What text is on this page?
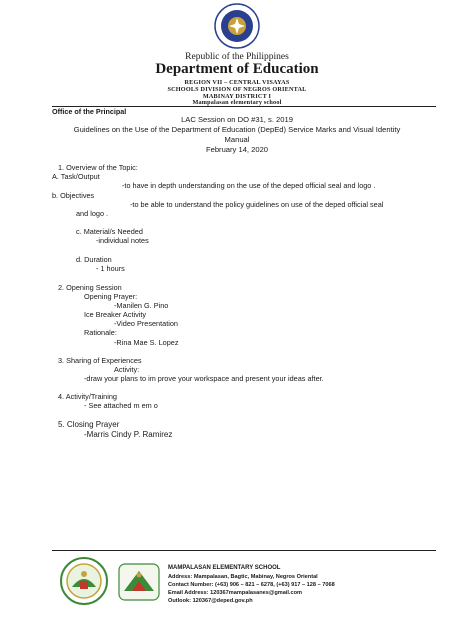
Republic of the Philippines
Department of Education
REGION VII – CENTRAL VISAYAS
SCHOOLS DIVISION OF NEGROS ORIENTAL
MABINAY DISTRICT I
Mampalasan elementary school
Office of the Principal
LAC Session on DO #31, s. 2019
Guidelines on the Use of the Department of Education (DepEd) Service Marks and Visual Identity
Manual
February 14, 2020
1. Overview of the Topic:
A. Task/Output
-to have in depth understanding on the use of the deped official seal and logo .
b. Objectives
-to be able to understand the policy guidelines on use of the deped official seal
and logo .
c. Material/s Needed
-individual notes
d. Duration
- 1 hours
2. Opening Session
Opening Prayer:
-Manilen G. Pino
Ice Breaker Activity
-Video Presentation
Rationale:
-Rina Mae S. Lopez
3. Sharing of Experiences
Activity:
-draw your plans to im prove your workspace and present your ideas after.
4. Activity/Training
- See attached m em o
5. Closing Prayer
-Marris Cindy P. Ramirez
MAMPALASAN ELEMENTARY SCHOOL
Address: Mampalasan, Bagtic, Mabinay, Negros Oriental
Contact Number: (+63) 906 – 821 – 6278, (+63) 917 – 128 – 7068
Email Address: 120367mampalasanes@gmail.com
Outlook: 120367@deped.gov.ph
